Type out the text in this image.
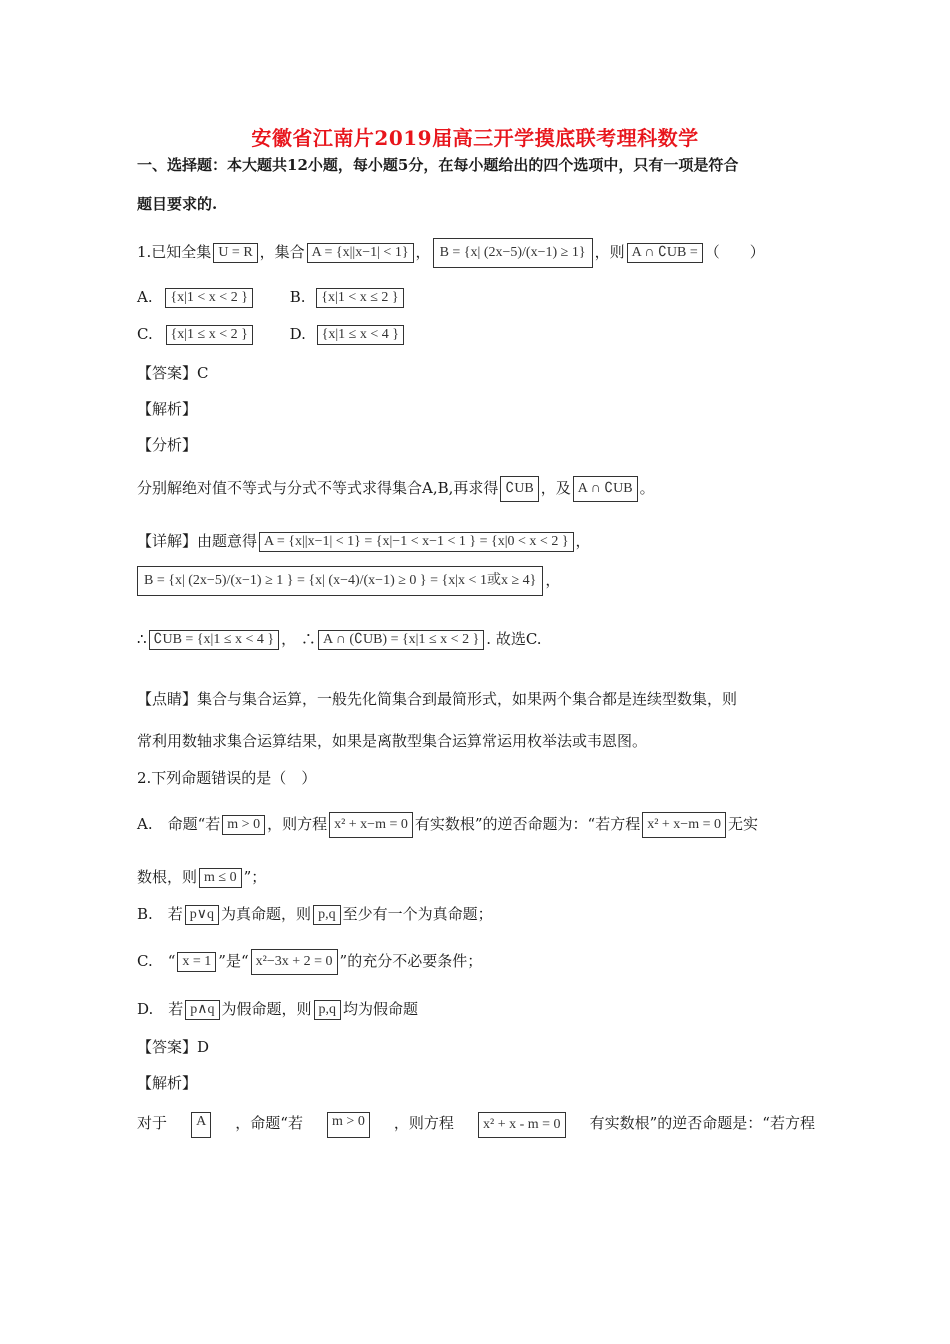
安徽省江南片2019届高三开学摸底联考理科数学
一、选择题：本大题共12小题，每小题5分，在每小题给出的四个选项中，只有一项是符合
题目要求的.
1.已知全集 U = R ，集合 A = {x||x−1| < 1} ， B = {x| (2x−5)/(x−1) ≥ 1} ，则 A ∩ ∁UB = （　　）
A. {x|1 < x < 2 }	B. {x|1 < x ≤ 2 }
C. {x|1 ≤ x < 2 }	D. {x|1 ≤ x < 4 }
【答案】C
【解析】
【分析】
分别解绝对值不等式与分式不等式求得集合A,B,再求得 ∁UB ，及 A ∩ ∁UB 。
【详解】由题意得 A = {x||x−1| < 1} = {x|−1 < x−1 < 1 } = {x|0 < x < 2 } ，
B = {x| (2x−5)/(x−1) ≥ 1 } = {x| (x−4)/(x−1) ≥ 0 } = {x|x < 1或x ≥ 4} ，
∴ ∁UB = {x|1 ≤ x < 4 } ， ∴ A ∩ (∁UB) = {x|1 ≤ x < 2 } . 故选C.
【点睛】集合与集合运算，一般先化简集合到最简形式，如果两个集合都是连续型数集，则
常利用数轴求集合运算结果，如果是离散型集合运算常运用枚举法或韦恩图。
2.下列命题错误的是（　）
A.　命题“若 m > 0 ，则方程 x² + x−m = 0 有实数根”的逆否命题为：“若方程 x² + x−m = 0 无实
数根，则 m ≤ 0 ”；
B.　若 p∨q 为真命题，则 p,q 至少有一个为真命题；
C.　“ x = 1 ”是“ x²−3x + 2 = 0 ”的充分不必要条件；
D.　若 p∧q 为假命题，则 p,q 均为假命题
【答案】D
【解析】
对于	A	，命题“若	m > 0	，则方程	x² + x - m = 0	有实数根”的逆否命题是：“若方程
